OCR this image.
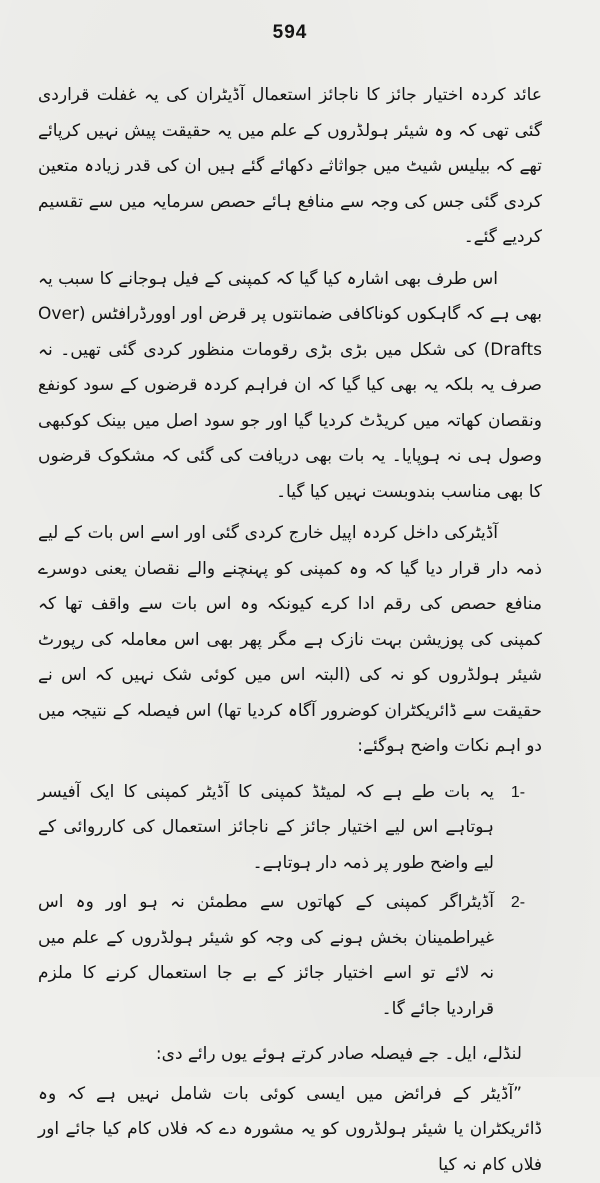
594

عائد کردہ اختیار جائز کا ناجائز استعمال آڈیٹران کی یہ غفلت قراردی گئی تھی کہ وہ شیئر ہولڈروں کے علم میں یہ حقیقت پیش نہیں کرپائے تھے کہ بیلیس شیٹ میں جواثاثے دکھائے گئے ہیں ان کی قدر زیادہ متعین کردی گئی جس کی وجہ سے منافع ہائے حصص سرمایہ میں سے تقسیم کردیے گئے۔

اس طرف بھی اشارہ کیا گیا کہ کمپنی کے فیل ہوجانے کا سبب یہ بھی ہے کہ گاہکوں کوناکافی ضمانتوں پر قرض اور اوورڈرافٹس (Over Drafts) کی شکل میں بڑی بڑی رقومات منظور کردی گئی تھیں۔ نہ صرف یہ بلکہ یہ بھی کیا گیا کہ ان فراہم کردہ قرضوں کے سود کونفع ونقصان کھاتہ میں کریڈٹ کردیا گیا اور جو سود اصل میں بینک کوکبھی وصول ہی نہ ہوپایا۔ یہ بات بھی دریافت کی گئی کہ مشکوک قرضوں کا بھی مناسب بندوبست نہیں کیا گیا۔

آڈیٹرکی داخل کردہ اپیل خارج کردی گئی اور اسے اس بات کے لیے ذمہ دار قرار دیا گیا کہ وہ کمپنی کو پہنچنے والے نقصان یعنی دوسرے منافع حصص کی رقم ادا کرے کیونکہ وہ اس بات سے واقف تھا کہ کمپنی کی پوزیشن بہت نازک ہے مگر پھر بھی اس معاملہ کی رپورٹ شیئر ہولڈروں کو نہ کی (البتہ اس میں کوئی شک نہیں کہ اس نے حقیقت سے ڈائریکٹران کوضرور آگاہ کردیا تھا) اس فیصلہ کے نتیجہ میں دو اہم نکات واضح ہوگئے:

1-
یہ بات طے ہے کہ لمیٹڈ کمپنی کا آڈیٹر کمپنی کا ایک آفیسر ہوتاہے اس لیے اختیار جائز کے ناجائز استعمال کی کارروائی کے لیے واضح طور پر ذمہ دار ہوتاہے۔
2-
آڈیٹراگر کمپنی کے کھاتوں سے مطمئن نہ ہو اور وہ اس غیراطمینان بخش ہونے کی وجہ کو شیئر ہولڈروں کے علم میں نہ لائے تو اسے اختیار جائز کے بے جا استعمال کرنے کا ملزم قراردیا جائے گا۔

لنڈلے، ایل۔ جے فیصلہ صادر کرتے ہوئے یوں رائے دی:

”آڈیٹر کے فرائض میں ایسی کوئی بات شامل نہیں ہے کہ وہ ڈائریکٹران یا شیئر ہولڈروں کو یہ مشورہ دے کہ فلاں کام کیا جائے اور فلاں کام نہ کیا
